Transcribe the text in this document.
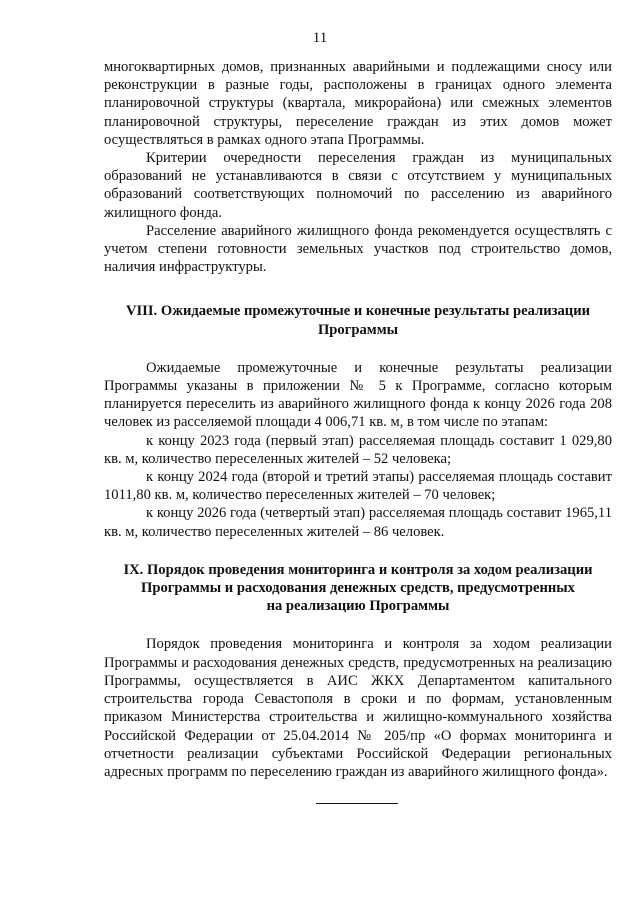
11

многоквартирных домов, признанных аварийными и подлежащими сносу или реконструкции в разные годы, расположены в границах одного элемента планировочной структуры (квартала, микрорайона) или смежных элементов планировочной структуры, переселение граждан из этих домов может осуществляться в рамках одного этапа Программы.

Критерии очередности переселения граждан из муниципальных образований не устанавливаются в связи с отсутствием у муниципальных образований соответствующих полномочий по расселению из аварийного жилищного фонда.

Расселение аварийного жилищного фонда рекомендуется осуществлять с учетом степени готовности земельных участков под строительство домов, наличия инфраструктуры.

VIII. Ожидаемые промежуточные и конечные результаты реализации
Программы

Ожидаемые промежуточные и конечные результаты реализации Программы указаны в приложении № 5 к Программе, согласно которым планируется переселить из аварийного жилищного фонда к концу 2026 года 208 человек из расселяемой площади 4 006,71 кв. м, в том числе по этапам:

к концу 2023 года (первый этап) расселяемая площадь составит 1 029,80 кв. м, количество переселенных жителей – 52 человека;

к концу 2024 года (второй и третий этапы) расселяемая площадь составит 1011,80 кв. м, количество переселенных жителей – 70 человек;

к концу 2026 года (четвертый этап) расселяемая площадь составит 1965,11 кв. м, количество переселенных жителей – 86 человек.

IX. Порядок проведения мониторинга и контроля за ходом реализации
Программы и расходования денежных средств, предусмотренных
на реализацию Программы

Порядок проведения мониторинга и контроля за ходом реализации Программы и расходования денежных средств, предусмотренных на реализацию Программы, осуществляется в АИС ЖКХ Департаментом капитального строительства города Севастополя в сроки и по формам, установленным приказом Министерства строительства и жилищно-коммунального хозяйства Российской Федерации от 25.04.2014 № 205/пр «О формах мониторинга и отчетности реализации субъектами Российской Федерации региональных адресных программ по переселению граждан из аварийного жилищного фонда».
